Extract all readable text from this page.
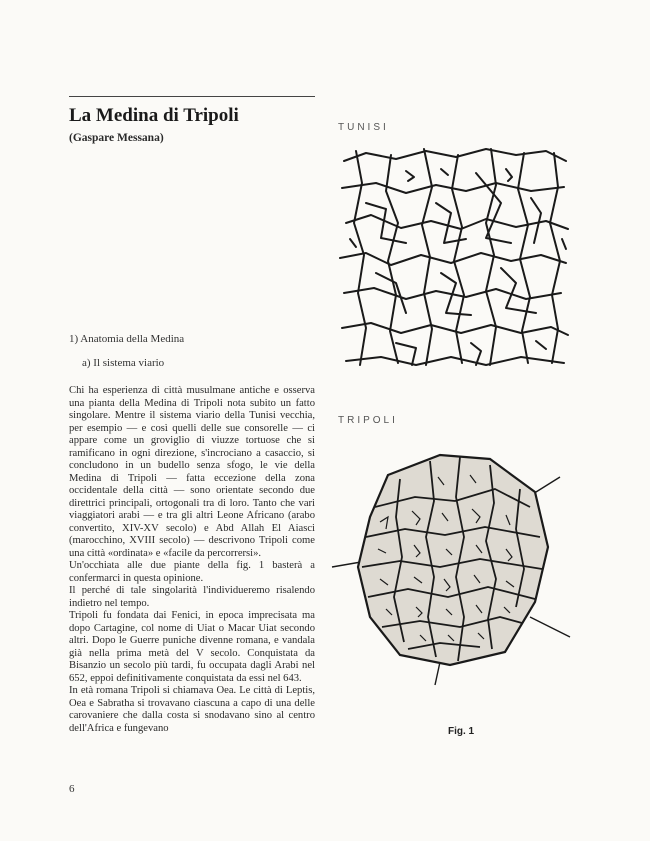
La Medina di Tripoli
(Gaspare Messana)
1) Anatomia della Medina
a) Il sistema viario

Chi ha esperienza di città musulmane antiche e osserva una pianta della Medina di Tripoli nota subito un fatto singolare. Mentre il sistema viario della Tunisi vecchia, per esempio — e così quelli delle sue consorelle — ci appare come un groviglio di viuzze tortuose che si ramificano in ogni direzione, s'incrociano a casaccio, si concludono in un budello senza sfogo, le vie della Medina di Tripoli — fatta eccezione della zona occidentale della città — sono orientate secondo due direttrici principali, ortogonali tra di loro. Tanto che vari viaggiatori arabi — e tra gli altri Leone Africano (arabo convertito, XIV-XV secolo) e Abd Allah El Aiasci (marocchino, XVIII secolo) — descrivono Tripoli come una città «ordinata» e «facile da percorrersi».

Un'occhiata alle due piante della fig. 1 basterà a confermarci in questa opinione.

Il perché di tale singolarità l'individueremo risalendo indietro nel tempo.

Tripoli fu fondata dai Fenici, in epoca imprecisata ma dopo Cartagine, col nome di Uiat o Macar Uiat secondo altri. Dopo le Guerre puniche divenne romana, e vandala già nella prima metà del V secolo. Conquistata da Bisanzio un secolo più tardi, fu occupata dagli Arabi nel 652, eppoi definitivamente conquistata da essi nel 643.

In età romana Tripoli si chiamava Oea. Le città di Leptis, Oea e Sabratha si trovavano ciascuna a capo di una delle carovaniere che dalla costa si snodavano sino al centro dell'Africa e fungevano

6
TUNISI
TRIPOLI
Fig. 1
